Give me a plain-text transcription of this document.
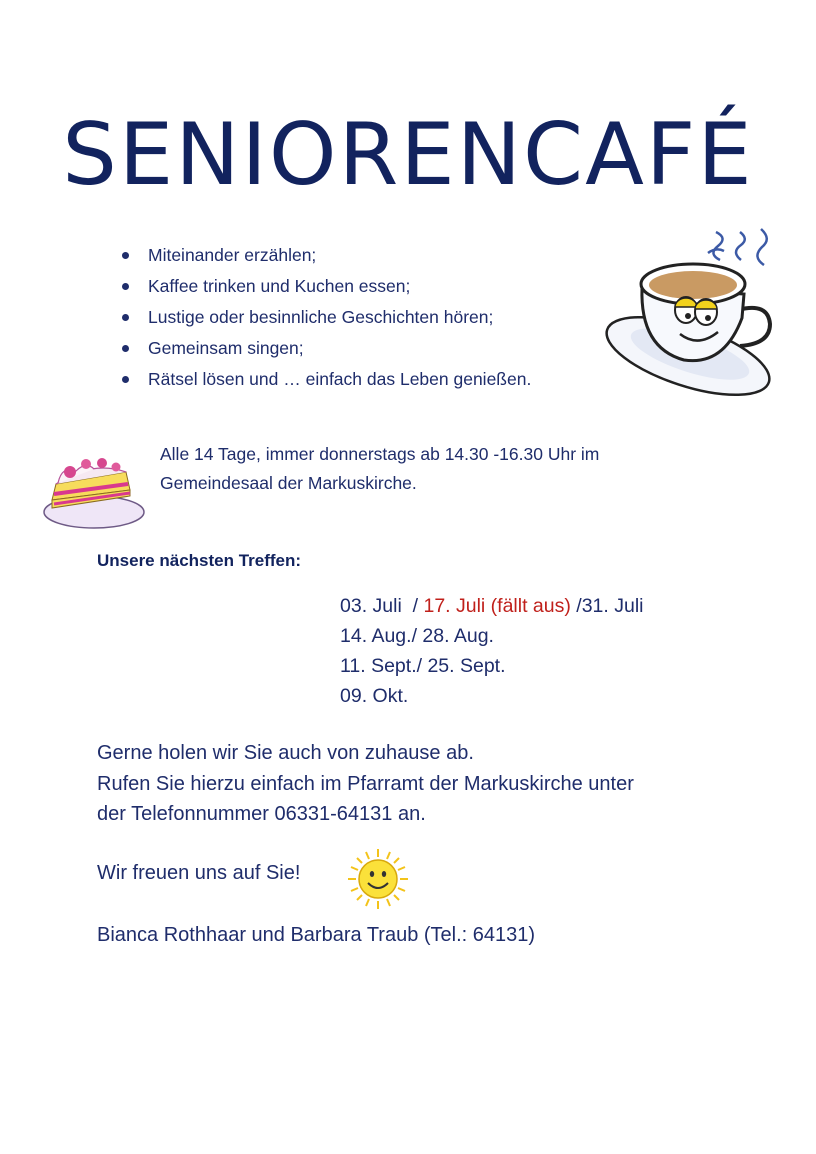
SENIORENCAFÉ
Miteinander erzählen;
Kaffee trinken und Kuchen essen;
Lustige oder besinnliche Geschichten hören;
Gemeinsam singen;
Rätsel lösen und … einfach das Leben genießen.
Alle 14 Tage, immer donnerstags ab 14.30 -16.30 Uhr im
Gemeindesaal der Markuskirche.
Unsere nächsten Treffen:
03. Juli  / 17. Juli (fällt aus) /31. Juli
14. Aug./ 28. Aug.
11. Sept./ 25. Sept.
09. Okt.
Gerne holen wir Sie auch von zuhause ab.
Rufen Sie hierzu einfach im Pfarramt der Markuskirche unter
der Telefonnummer 06331-64131 an.
Wir freuen uns auf Sie!
Bianca Rothhaar und Barbara Traub (Tel.: 64131)
